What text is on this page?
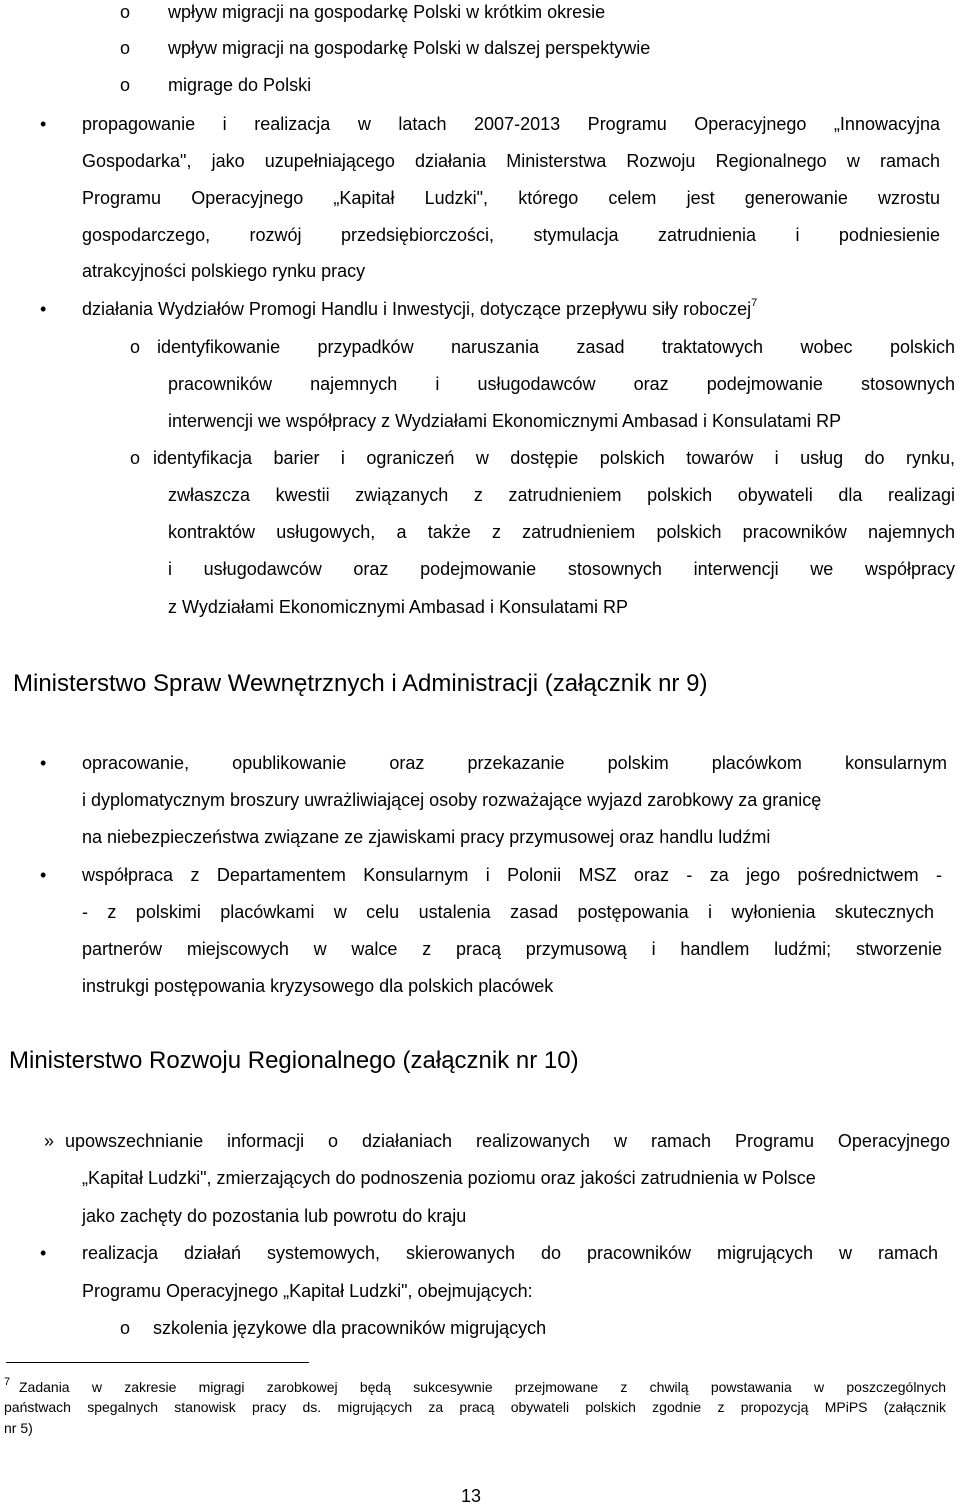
o wpływ migracji na gospodarkę Polski w krótkim okresie
o wpływ migracji na gospodarkę Polski w dalszej perspektywie
o migrage do Polski
• propagowanie i realizacja w latach 2007-2013 Programu Operacyjnego „Innowacyjna
Gospodarka", jako uzupełniającego działania Ministerstwa Rozwoju Regionalnego w ramach
Programu Operacyjnego „Kapitał Ludzki", którego celem jest generowanie wzrostu
gospodarczego, rozwój przedsiębiorczości, stymulacja zatrudnienia i podniesienie
atrakcyjności polskiego rynku pracy
• działania Wydziałów Promogi Handlu i Inwestycji, dotyczące przepływu siły roboczej$^7$
o identyfikowanie przypadków naruszania zasad traktatowych wobec polskich
pracowników najemnych i usługodawców oraz podejmowanie stosownych
interwencji we współpracy z Wydziałami Ekonomicznymi Ambasad i Konsulatami RP
o identyfikacja barier i ograniczeń w dostępie polskich towarów i usług do rynku,
zwłaszcza kwestii związanych z zatrudnieniem polskich obywateli dla realizagi
kontraktów usługowych, a także z zatrudnieniem polskich pracowników najemnych
i usługodawców oraz podejmowanie stosownych interwencji we współpracy
z Wydziałami Ekonomicznymi Ambasad i Konsulatami RP
Ministerstwo Spraw Wewnętrznych i Administracji (załącznik nr 9)
• opracowanie, opublikowanie oraz przekazanie polskim placówkom konsularnym
i dyplomatycznym broszury uwrażliwiającej osoby rozważające wyjazd zarobkowy za granicę
na niebezpieczeństwa związane ze zjawiskami pracy przymusowej oraz handlu ludźmi
• współpraca z Departamentem Konsularnym i Polonii MSZ oraz - za jego pośrednictwem -
- z polskimi placówkami w celu ustalenia zasad postępowania i wyłonienia skutecznych
partnerów miejscowych w walce z pracą przymusową i handlem ludźmi; stworzenie
instrukgi postępowania kryzysowego dla polskich placówek
Ministerstwo Rozwoju Regionalnego (załącznik nr 10)
» upowszechnianie informacji o działaniach realizowanych w ramach Programu Operacyjnego
„Kapitał Ludzki", zmierzających do podnoszenia poziomu oraz jakości zatrudnienia w Polsce
jako zachęty do pozostania lub powrotu do kraju
• realizacja działań systemowych, skierowanych do pracowników migrujących w ramach
Programu Operacyjnego „Kapitał Ludzki", obejmujących:
o szkolenia językowe dla pracowników migrujących
7 Zadania w zakresie migragi zarobkowej będą sukcesywnie przejmowane z chwilą powstawania w poszczególnych
państwach spegalnych stanowisk pracy ds. migrujących za pracą obywateli polskich zgodnie z propozycją MPiPS (załącznik
nr 5)
13
